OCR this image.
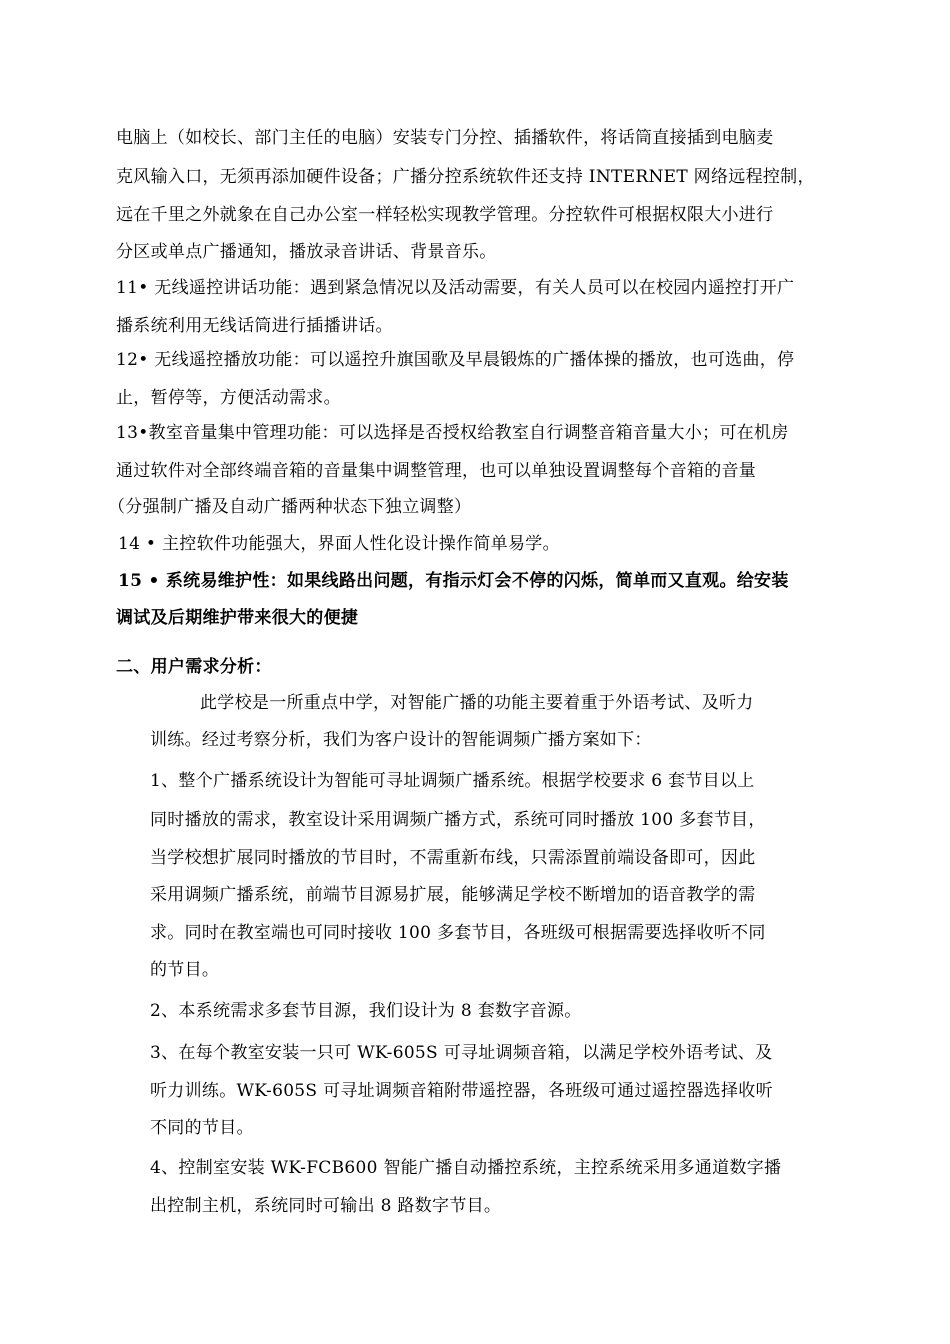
电脑上（如校长、部门主任的电脑）安装专门分控、插播软件，将话筒直接插到电脑麦
克风输入口，无须再添加硬件设备；广播分控系统软件还支持 INTERNET 网络远程控制，
远在千里之外就象在自己办公室一样轻松实现教学管理。分控软件可根据权限大小进行
分区或单点广播通知，播放录音讲话、背景音乐。
11• 无线遥控讲话功能：遇到紧急情况以及活动需要，有关人员可以在校园内遥控打开广
播系统利用无线话筒进行插播讲话。
12• 无线遥控播放功能：可以遥控升旗国歌及早晨锻炼的广播体操的播放，也可选曲，停
止，暂停等，方便活动需求。
13•教室音量集中管理功能：可以选择是否授权给教室自行调整音箱音量大小；可在机房
通过软件对全部终端音箱的音量集中调整管理，也可以单独设置调整每个音箱的音量
（分强制广播及自动广播两种状态下独立调整）
14 • 主控软件功能强大，界面人性化设计操作简单易学。
15 • 系统易维护性：如果线路出问题，有指示灯会不停的闪烁，简单而又直观。给安装
调试及后期维护带来很大的便捷
二、用户需求分析：
此学校是一所重点中学，对智能广播的功能主要着重于外语考试、及听力
训练。经过考察分析，我们为客户设计的智能调频广播方案如下：
1、整个广播系统设计为智能可寻址调频广播系统。根据学校要求 6 套节目以上
同时播放的需求，教室设计采用调频广播方式，系统可同时播放 100 多套节目，
当学校想扩展同时播放的节目时，不需重新布线，只需添置前端设备即可，因此
采用调频广播系统，前端节目源易扩展，能够满足学校不断增加的语音教学的需
求。同时在教室端也可同时接收 100 多套节目，各班级可根据需要选择收听不同
的节目。
2、本系统需求多套节目源，我们设计为 8 套数字音源。
3、在每个教室安装一只可 WK-605S 可寻址调频音箱，以满足学校外语考试、及
听力训练。WK-605S 可寻址调频音箱附带遥控器，各班级可通过遥控器选择收听
不同的节目。
4、控制室安装 WK-FCB600 智能广播自动播控系统，主控系统采用多通道数字播
出控制主机，系统同时可输出 8 路数字节目。
